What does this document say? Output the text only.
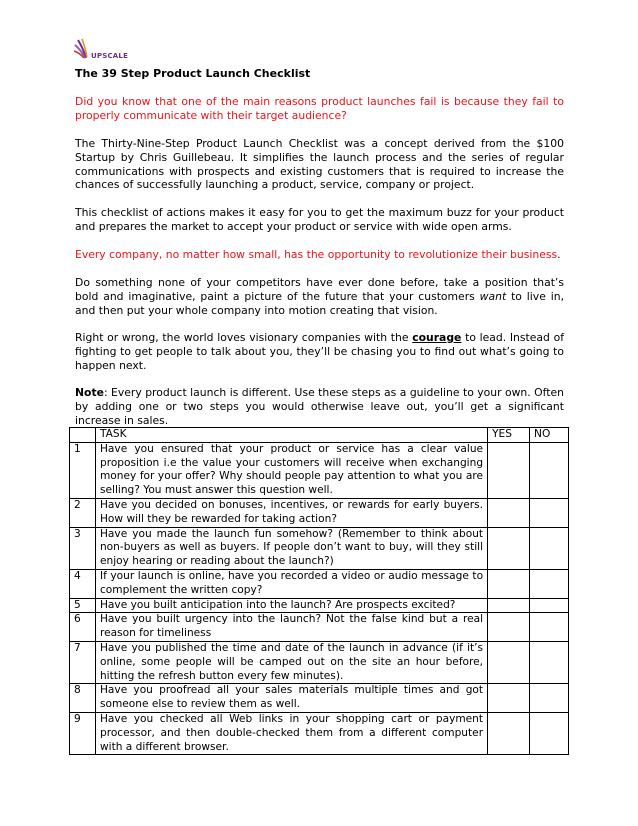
UPSCALE
The 39 Step Product Launch Checklist

Did you know that one of the main reasons product launches fail is because they fail to properly communicate with their target audience?

The Thirty-Nine-Step Product Launch Checklist was a concept derived from the $100 Startup by Chris Guillebeau. It simplifies the launch process and the series of regular communications with prospects and existing customers that is required to increase the chances of successfully launching a product, service, company or project.

This checklist of actions makes it easy for you to get the maximum buzz for your product and prepares the market to accept your product or service with wide open arms.

Every company, no matter how small, has the opportunity to revolutionize their business.

Do something none of your competitors have ever done before, take a position that’s bold and imaginative, paint a picture of the future that your customers want to live in, and then put your whole company into motion creating that vision.

Right or wrong, the world loves visionary companies with the courage to lead. Instead of fighting to get people to talk about you, they’ll be chasing you to find out what’s going to happen next.

Note: Every product launch is different. Use these steps as a guideline to your own. Often by adding one or two steps you would otherwise leave out, you’ll get a significant increase in sales.

	TASK	YES	NO
1	Have you ensured that your product or service has a clear value proposition i.e the value your customers will receive when exchanging money for your offer? Why should people pay attention to what you are selling? You must answer this question well.		
2	Have you decided on bonuses, incentives, or rewards for early buyers. How will they be rewarded for taking action?		
3	Have you made the launch fun somehow? (Remember to think about non-buyers as well as buyers. If people don’t want to buy, will they still enjoy hearing or reading about the launch?)		
4	If your launch is online, have you recorded a video or audio message to complement the written copy?		
5	Have you built anticipation into the launch? Are prospects excited?		
6	Have you built urgency into the launch? Not the false kind but a real reason for timeliness		
7	Have you published the time and date of the launch in advance (if it’s online, some people will be camped out on the site an hour before, hitting the refresh button every few minutes).		
8	Have you proofread all your sales materials multiple times and got someone else to review them as well.		
9	Have you checked all Web links in your shopping cart or payment processor, and then double-checked them from a different computer with a different browser.		
